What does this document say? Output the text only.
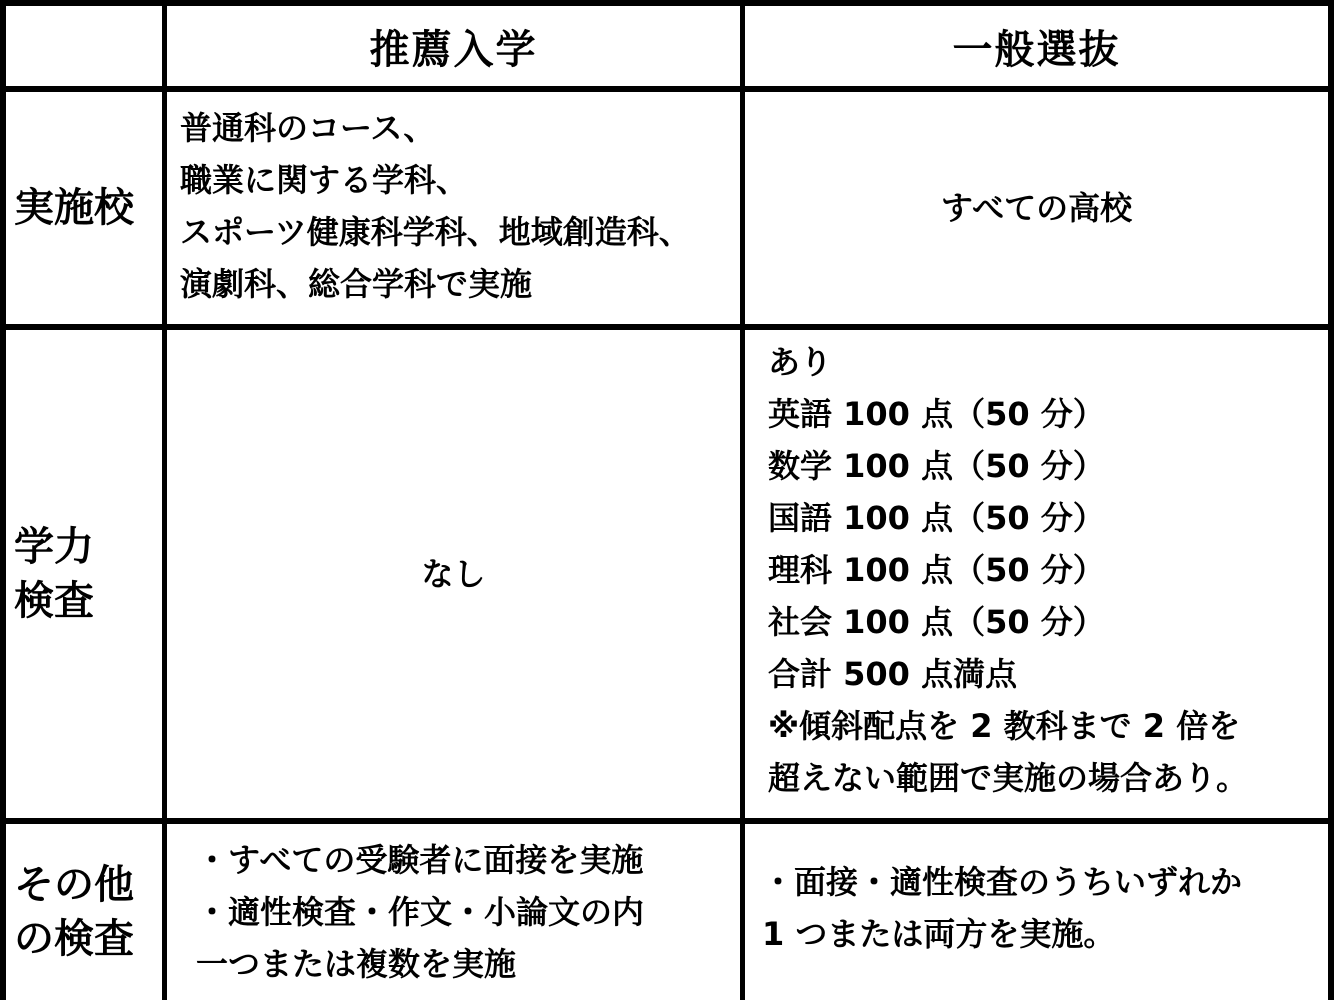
推薦入学	一般選抜
実施校
普通科のコース、
職業に関する学科、
スポーツ健康科学科、地域創造科、
演劇科、総合学科で実施
すべての高校
学力
検査
なし
あり
英語 100 点（50 分）
数学 100 点（50 分）
国語 100 点（50 分）
理科 100 点（50 分）
社会 100 点（50 分）
合計 500 点満点
※傾斜配点を 2 教科まで 2 倍を
超えない範囲で実施の場合あり。
その他
の検査
・すべての受験者に面接を実施
・適性検査・作文・小論文の内
一つまたは複数を実施
・面接・適性検査のうちいずれか
1 つまたは両方を実施。
